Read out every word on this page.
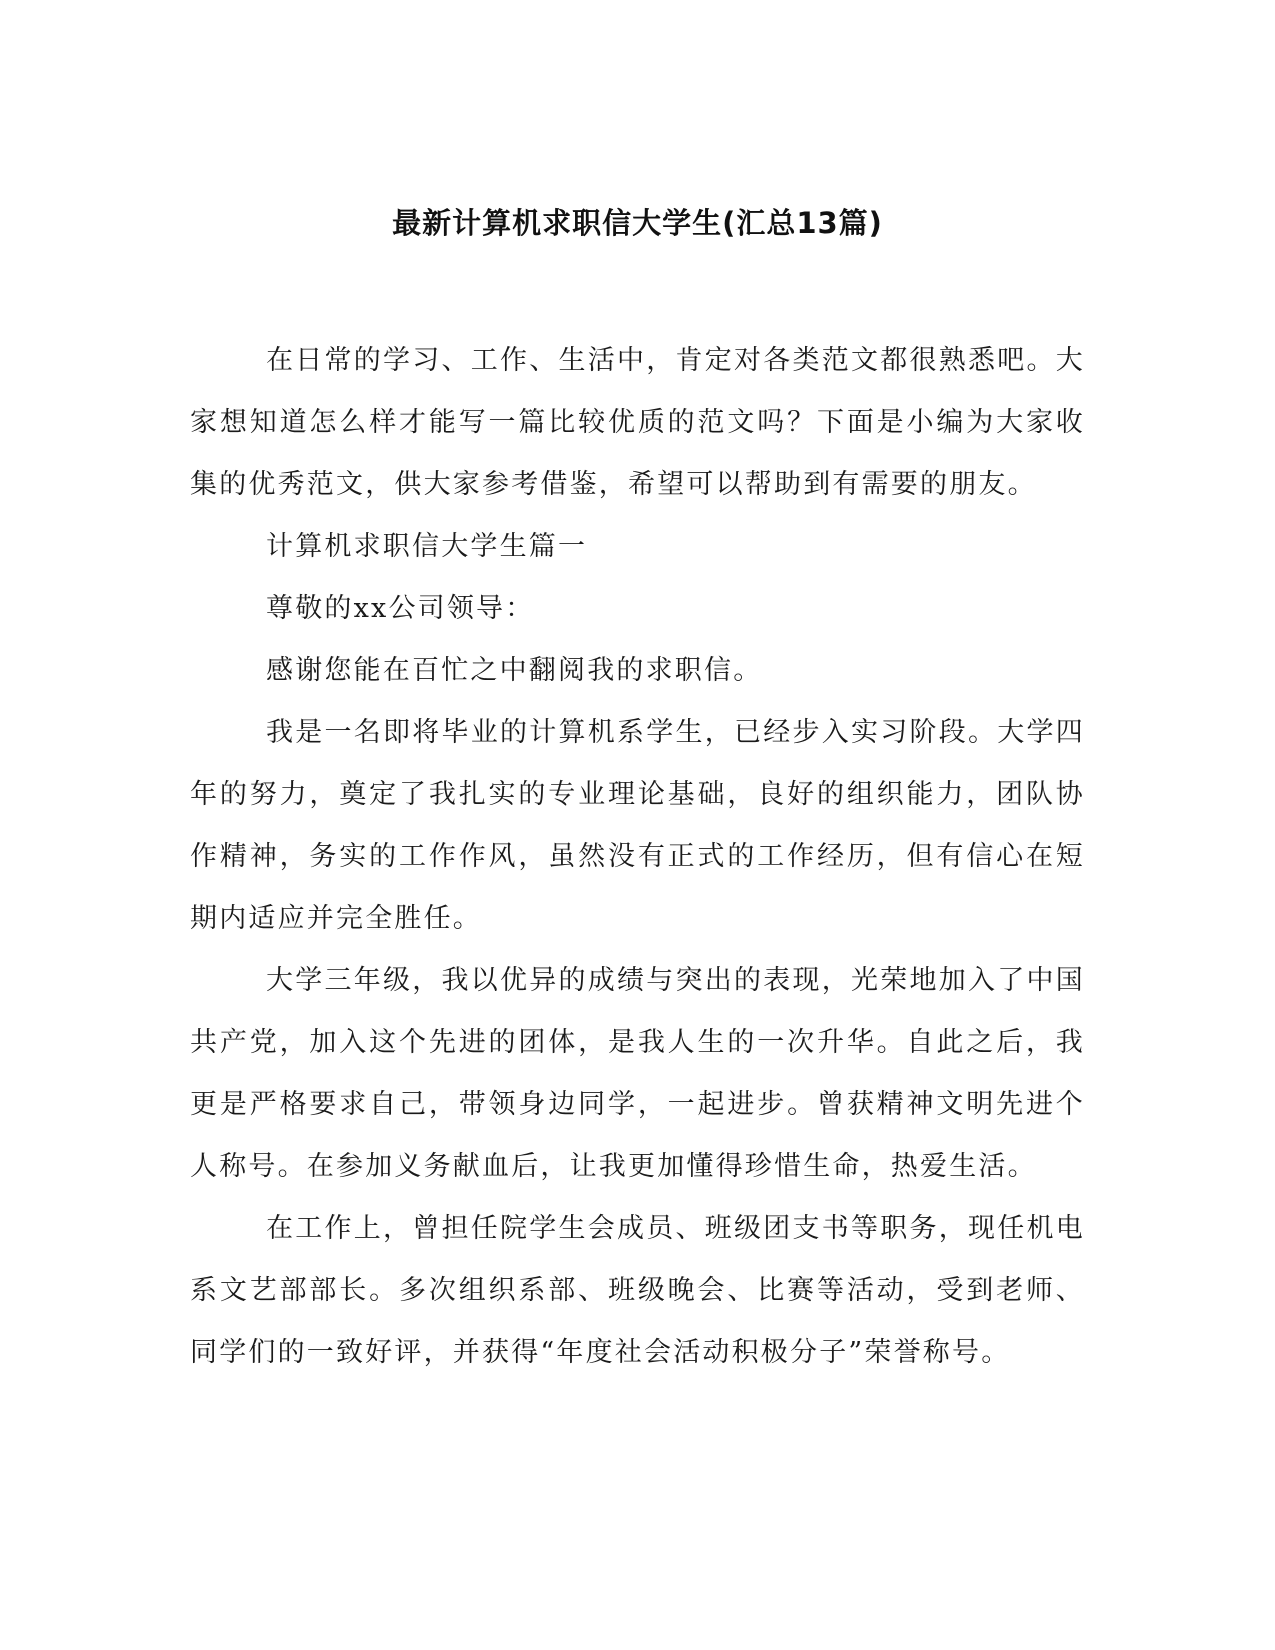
最新计算机求职信大学生(汇总13篇)

在日常的学习、工作、生活中，肯定对各类范文都很熟悉吧。大家想知道怎么样才能写一篇比较优质的范文吗？下面是小编为大家收集的优秀范文，供大家参考借鉴，希望可以帮助到有需要的朋友。

计算机求职信大学生篇一

尊敬的xx公司领导：

感谢您能在百忙之中翻阅我的求职信。

我是一名即将毕业的计算机系学生，已经步入实习阶段。大学四年的努力，奠定了我扎实的专业理论基础，良好的组织能力，团队协作精神，务实的工作作风，虽然没有正式的工作经历，但有信心在短期内适应并完全胜任。

大学三年级，我以优异的成绩与突出的表现，光荣地加入了中国共产党，加入这个先进的团体，是我人生的一次升华。自此之后，我更是严格要求自己，带领身边同学，一起进步。曾获精神文明先进个人称号。在参加义务献血后，让我更加懂得珍惜生命，热爱生活。

在工作上，曾担任院学生会成员、班级团支书等职务，现任机电系文艺部部长。多次组织系部、班级晚会、比赛等活动，受到老师、同学们的一致好评，并获得“年度社会活动积极分子”荣誉称号。
